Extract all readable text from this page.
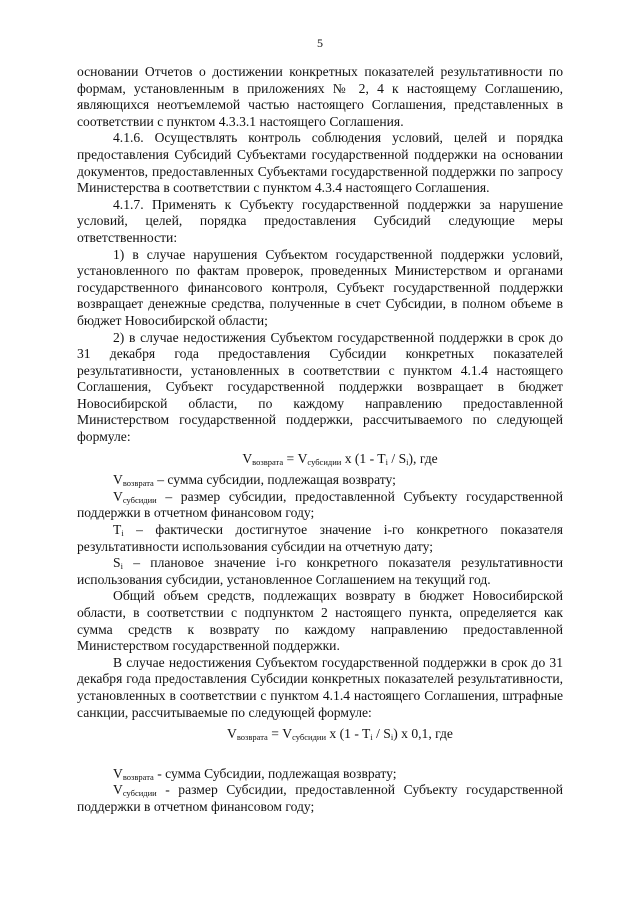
5

основании Отчетов о достижении конкретных показателей результативности по формам, установленным в приложениях № 2, 4 к настоящему Соглашению, являющихся неотъемлемой частью настоящего Соглашения, представленных в соответствии с пунктом 4.3.3.1 настоящего Соглашения.

4.1.6. Осуществлять контроль соблюдения условий, целей и порядка предоставления Субсидий Субъектами государственной поддержки на основании документов, предоставленных Субъектами государственной поддержки по запросу Министерства в соответствии с пунктом 4.3.4 настоящего Соглашения.

4.1.7. Применять к Субъекту государственной поддержки за нарушение условий, целей, порядка предоставления Субсидий следующие меры ответственности:

1) в случае нарушения Субъектом государственной поддержки условий, установленного по фактам проверок, проведенных Министерством и органами государственного финансового контроля, Субъект государственной поддержки возвращает денежные средства, полученные в счет Субсидии, в полном объеме в бюджет Новосибирской области;

2) в случае недостижения Субъектом государственной поддержки в срок до 31 декабря года предоставления Субсидии конкретных показателей результативности, установленных в соответствии с пунктом 4.1.4 настоящего Соглашения, Субъект государственной поддержки возвращает в бюджет Новосибирской области, по каждому направлению предоставленной Министерством государственной поддержки, рассчитываемого по следующей формуле:

$V_{возврата} = V_{субсидии}$ x $(1 - T_i / S_i)$, где

$V_{возврата}$ – сумма субсидии, подлежащая возврату;

$V_{субсидии}$ – размер субсидии, предоставленной Субъекту государственной поддержки в отчетном финансовом году;

$T_i$ – фактически достигнутое значение i-го конкретного показателя результативности использования субсидии на отчетную дату;

$S_i$ – плановое значение i-го конкретного показателя результативности использования субсидии, установленное Соглашением на текущий год.

Общий объем средств, подлежащих возврату в бюджет Новосибирской области, в соответствии с подпунктом 2 настоящего пункта, определяется как сумма средств к возврату по каждому направлению предоставленной Министерством государственной поддержки.

В случае недостижения Субъектом государственной поддержки в срок до 31 декабря года предоставления Субсидии конкретных показателей результативности, установленных в соответствии с пунктом 4.1.4 настоящего Соглашения, штрафные санкции, рассчитываемые по следующей формуле:

$V_{возврата} = V_{субсидии}$ x $(1 - T_i / S_i)$ x 0,1, где

$V_{возврата}$ - сумма Субсидии, подлежащая возврату;

$V_{субсидии}$ - размер Субсидии, предоставленной Субъекту государственной поддержки в отчетном финансовом году;
